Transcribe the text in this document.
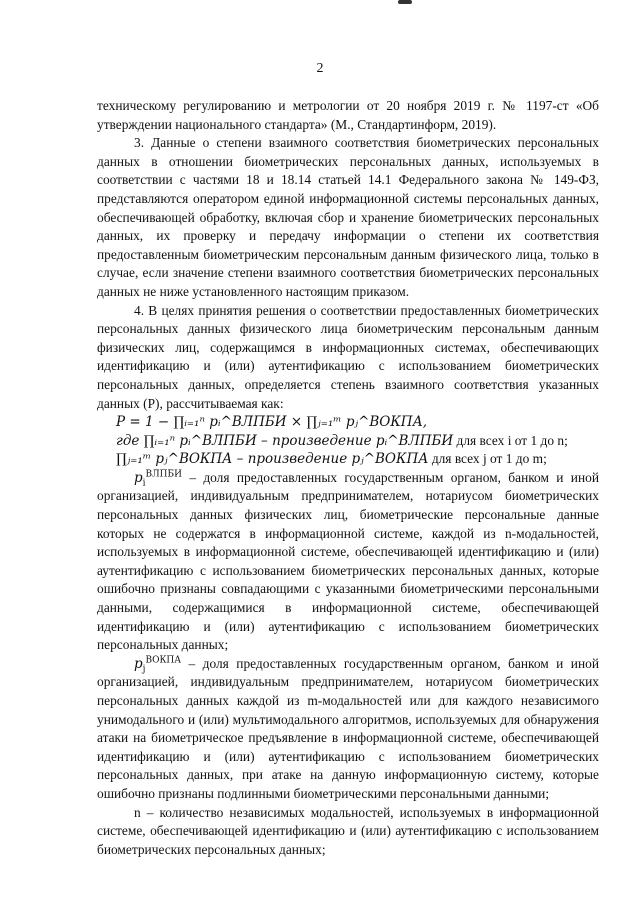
2

техническому регулированию и метрологии от 20 ноября 2019 г. № 1197-ст «Об утверждении национального стандарта» (М., Стандартинформ, 2019).

3. Данные о степени взаимного соответствия биометрических персональных данных в отношении биометрических персональных данных, используемых в соответствии с частями 18 и 18.14 статьей 14.1 Федерального закона № 149-ФЗ, представляются оператором единой информационной системы персональных данных, обеспечивающей обработку, включая сбор и хранение биометрических персональных данных, их проверку и передачу информации о степени их соответствия предоставленным биометрическим персональным данным физического лица, только в случае, если значение степени взаимного соответствия биометрических персональных данных не ниже установленного настоящим приказом.

4. В целях принятия решения о соответствии предоставленных биометрических персональных данных физического лица биометрическим персональным данным физических лиц, содержащимся в информационных системах, обеспечивающих идентификацию и (или) аутентификацию с использованием биометрических персональных данных, определяется степень взаимного соответствия указанных данных (P), рассчитываемая как:

P = 1 − ∏ᵢ₌₁ⁿ pᵢ^ВЛПБИ × ∏ⱼ₌₁ᵐ pⱼ^ВОКПА,

где ∏ᵢ₌₁ⁿ pᵢ^ВЛПБИ – произведение pᵢ^ВЛПБИ для всех i от 1 до n;

∏ⱼ₌₁ᵐ pⱼ^ВОКПА – произведение pⱼ^ВОКПА для всех j от 1 до m;

$p_i^{ВЛПБИ}$ – доля предоставленных государственным органом, банком и иной организацией, индивидуальным предпринимателем, нотариусом биометрических персональных данных физических лиц, биометрические персональные данные которых не содержатся в информационной системе, каждой из n-модальностей, используемых в информационной системе, обеспечивающей идентификацию и (или) аутентификацию с использованием биометрических персональных данных, которые ошибочно признаны совпадающими с указанными биометрическими персональными данными, содержащимися в информационной системе, обеспечивающей идентификацию и (или) аутентификацию с использованием биометрических персональных данных;

$p_j^{ВОКПА}$ – доля предоставленных государственным органом, банком и иной организацией, индивидуальным предпринимателем, нотариусом биометрических персональных данных каждой из m-модальностей или для каждого независимого унимодального и (или) мультимодального алгоритмов, используемых для обнаружения атаки на биометрическое предъявление в информационной системе, обеспечивающей идентификацию и (или) аутентификацию с использованием биометрических персональных данных, при атаке на данную информационную систему, которые ошибочно признаны подлинными биометрическими персональными данными;

n – количество независимых модальностей, используемых в информационной системе, обеспечивающей идентификацию и (или) аутентификацию с использованием биометрических персональных данных;
